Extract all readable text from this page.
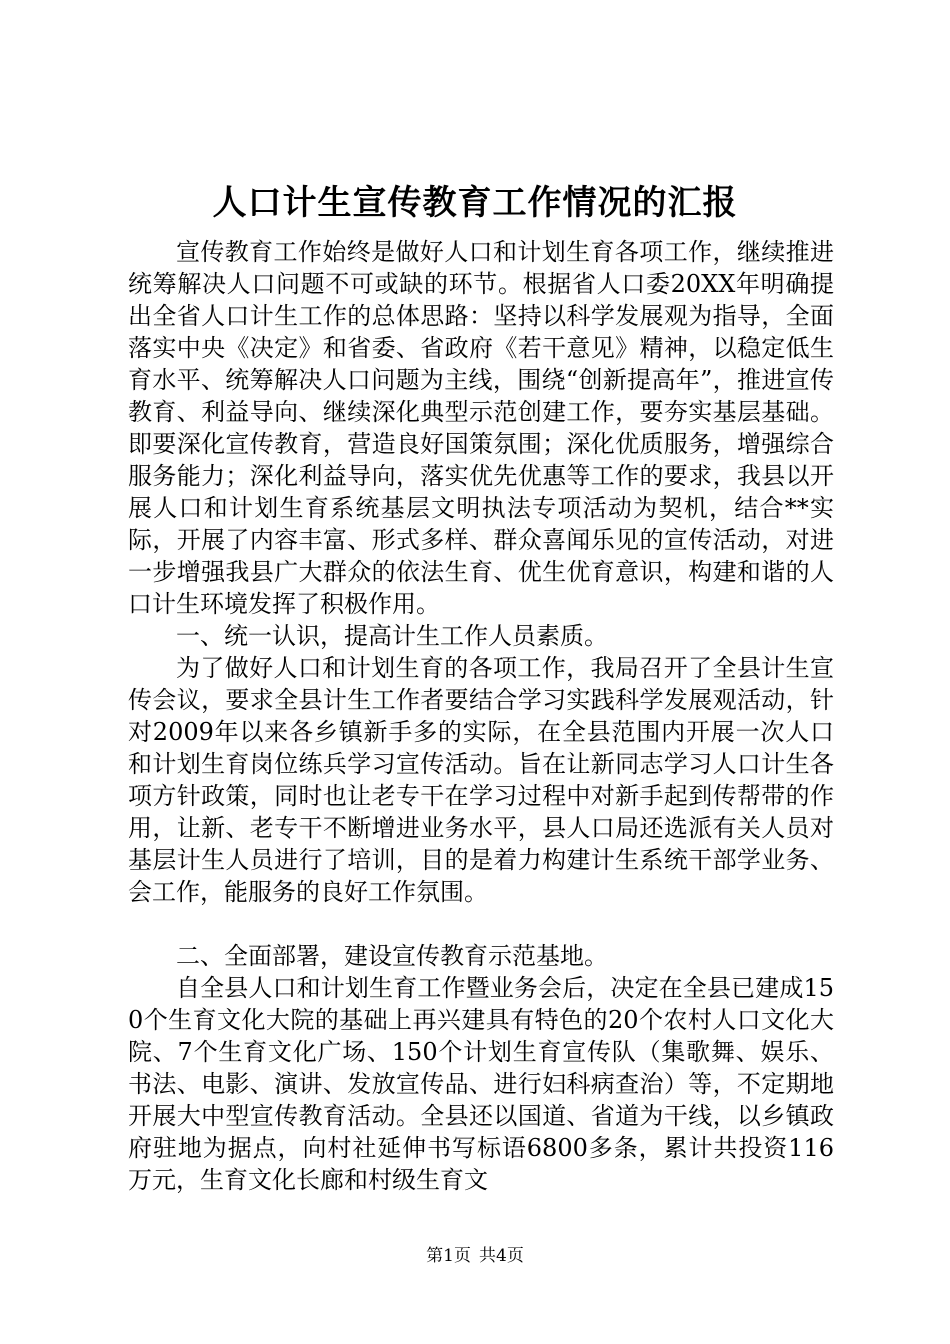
人口计生宣传教育工作情况的汇报

宣传教育工作始终是做好人口和计划生育各项工作，继续推进统筹解决人口问题不可或缺的环节。根据省人口委20XX年明确提出全省人口计生工作的总体思路：坚持以科学发展观为指导，全面落实中央《决定》和省委、省政府《若干意见》精神，以稳定低生育水平、统筹解决人口问题为主线，围绕“创新提高年”，推进宣传教育、利益导向、继续深化典型示范创建工作，要夯实基层基础。即要深化宣传教育，营造良好国策氛围；深化优质服务，增强综合服务能力；深化利益导向，落实优先优惠等工作的要求，我县以开展人口和计划生育系统基层文明执法专项活动为契机，结合**实际，开展了内容丰富、形式多样、群众喜闻乐见的宣传活动，对进一步增强我县广大群众的依法生育、优生优育意识，构建和谐的人口计生环境发挥了积极作用。

一、统一认识，提高计生工作人员素质。

为了做好人口和计划生育的各项工作，我局召开了全县计生宣传会议，要求全县计生工作者要结合学习实践科学发展观活动，针对2009年以来各乡镇新手多的实际，在全县范围内开展一次人口和计划生育岗位练兵学习宣传活动。旨在让新同志学习人口计生各项方针政策，同时也让老专干在学习过程中对新手起到传帮带的作用，让新、老专干不断增进业务水平，县人口局还选派有关人员对基层计生人员进行了培训，目的是着力构建计生系统干部学业务、会工作，能服务的良好工作氛围。

二、全面部署，建设宣传教育示范基地。

自全县人口和计划生育工作暨业务会后，决定在全县已建成150个生育文化大院的基础上再兴建具有特色的20个农村人口文化大院、7个生育文化广场、150个计划生育宣传队（集歌舞、娱乐、书法、电影、演讲、发放宣传品、进行妇科病查治）等，不定期地开展大中型宣传教育活动。全县还以国道、省道为干线，以乡镇政府驻地为据点，向村社延伸书写标语6800多条，累计共投资116万元，生育文化长廊和村级生育文

第1页 共4页
